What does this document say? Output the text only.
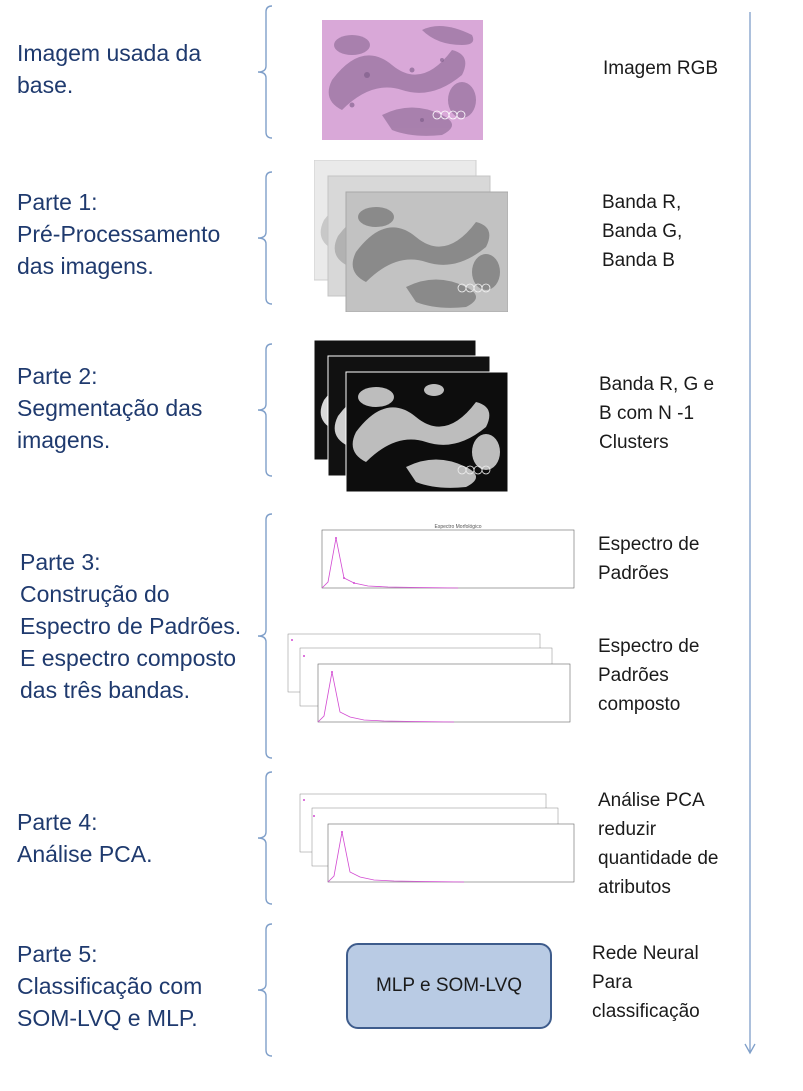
Imagem usada da
base.
Parte 1:
Pré-Processamento
das imagens.
Parte 2:
Segmentação das
imagens.
Parte 3:
Construção do
Espectro de Padrões.
E espectro composto
das três bandas.
Parte 4:
Análise PCA.
Parte 5:
Classificação com
SOM-LVQ e MLP.
Espectro Morfológico
MLP e SOM-LVQ
Imagem RGB
Banda R,
Banda G,
Banda B
Banda R, G e
B com N -1
Clusters
Espectro de
Padrões
Espectro de
Padrões
composto
Análise PCA
reduzir
quantidade de
atributos
Rede Neural
Para
classificação
